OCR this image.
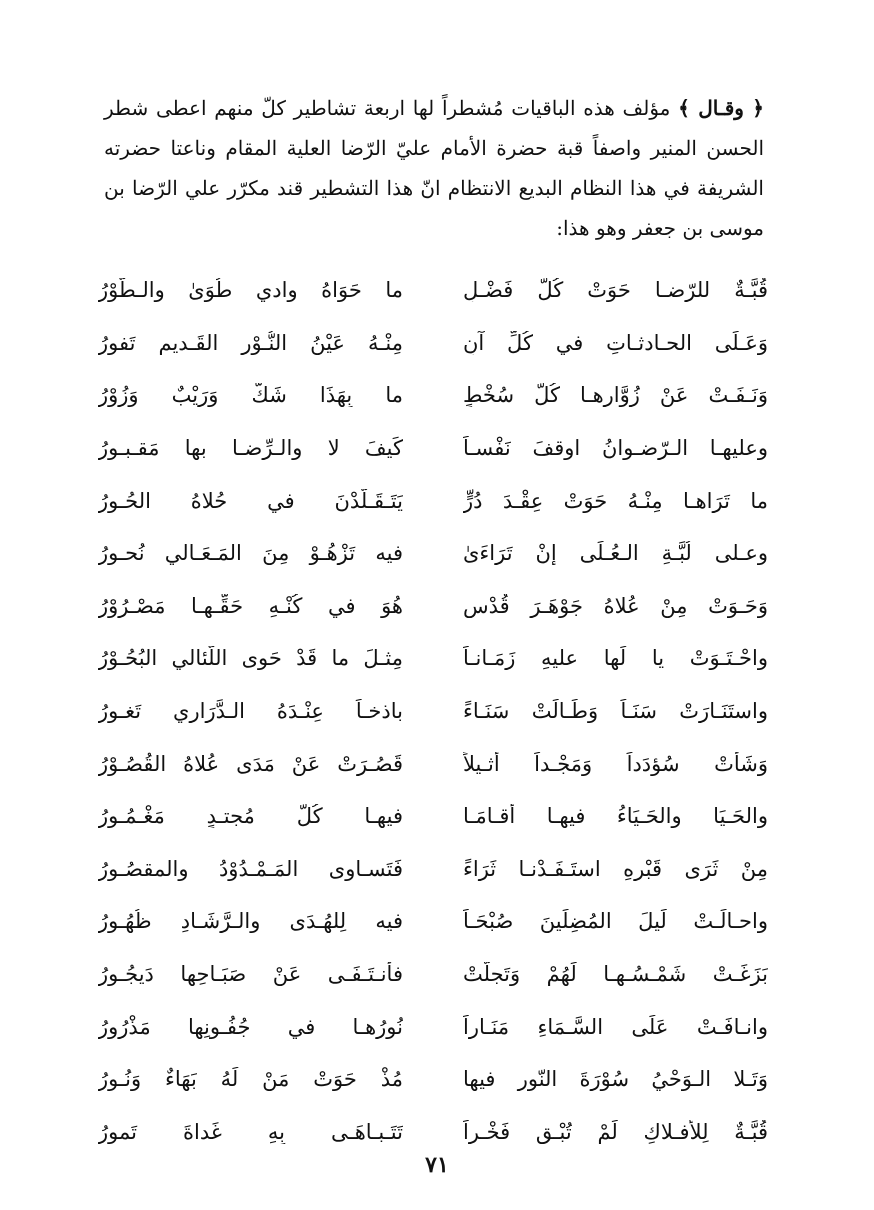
﴿ وقـال ﴾ مؤلف هذه الباقيات مُشطراً لها اربعة تشاطير كلّ منهم اعطى شطر الحسن المنير واصفاً قبة حضرة الأمام عليّ الرّضا العلية المقام وناعتا حضرته الشريفة في هذا النظام البديع الانتظام انّ هذا التشطير قند مكرّر علي الرّضا بن موسى بن جعفر وهو هذا:

قُبَّـةٌ للرّضـا حَوَتْ كُلَّ فَضْـلٍ
ما حَوَاهُ وادي طُوَىٰ والـطُّوْرُ
وَعَـلَى الحـادثـاتِ في كُلِّ آنٍ
مِنْـهُ عَيْنُ النُّـوْرِ القَـديم تَفورُ
وَنَـفَـتْ عَنْ زُوَّارِهـا كُلَّ سُخْطٍ
ما بِهَذَا شَكٌّ وَرَيْبٌ وَزُوْرُ
وعليهـا الـرّضـوانُ اوقفَ نَفْسـاً
كَيفَ لا والـرِّضـا بها مَقـبـورُ
ما تَرَاهـا مِنْـهُ حَوَتْ عِقْـدَ دُرٍّ
يَتَـقَـلَّدْنَ في حُلاهُ الحُـورُ
وعـلى لُبَّـةِ الـعُـلَى إنْ تَرَاءَىٰ
فيه تَزْهُـوْ مِنَ المَـعَـالي نُحـورُ
وَحَـوَتْ مِنْ عُلاهُ جَوْهَـرَ قُدْسٍ
هُوَ في كُنْـهِ حَقِّـهـا مَصْـرُوْرُ
واحْـتَـوَتْ يا لَها عليهِ زَمَـانـاً
مِثـلَ ما قَدْ حَوى اللّئالي البُحُـوْرُ
واستَنَـارَتْ سَنَـاً وَطَـالَتْ سَنَـاءً
باذخـاً عِنْـدَهُ الـدَّرَاري تَغـورُ
وَشَأتْ سُؤدَداً وَمَجْـداً أثـيلاً
قَصُـرَتْ عَنْ مَدَى عُلاهُ القُصُـوْرُ
والحَـيَا والحَـيَاءُ فيهـا أقـامَـا
فيهـا كُلُّ مُجتـدٍ مَغْـمُـورُ
مِنْ ثَرَى قَبْرِهِ استَـفَـدْنـا ثَرَاءً
فَتَسـاوى المَـمْـدُوْدُ والمقصُـورُ
واحـالَـتْ لَيلَ المُضِلِّينَ صُبْحَـاً
فيه لِلهُـدَى والـرَّشَـادِ ظُهُـورُ
بَزَغَـتْ شَمْـسُـهـا لَهُمْ وَتَجلَّتْ
فأنـتَـفَـى عَنْ صَبَـاحِها دَيجُـورُ
وانـافَـتْ عَلَى السَّـمَاءِ مَنَـاراً
نُورُهـا في جُفُـونِها مَذْرُورُ
وَتَـلا الـوَحْيُ سُوْرَةَ النّور فيها
مُذْ حَوَتْ مَنْ لَهُ بَهَاءٌ وَنُـورُ
قُبَّـةٌ لِلأفـلاكِ لَمْ تُبْـقِ فَخْـراً
تَتَـبـاهَـى بِهِ غَداةَ تَمورُ
٧١
